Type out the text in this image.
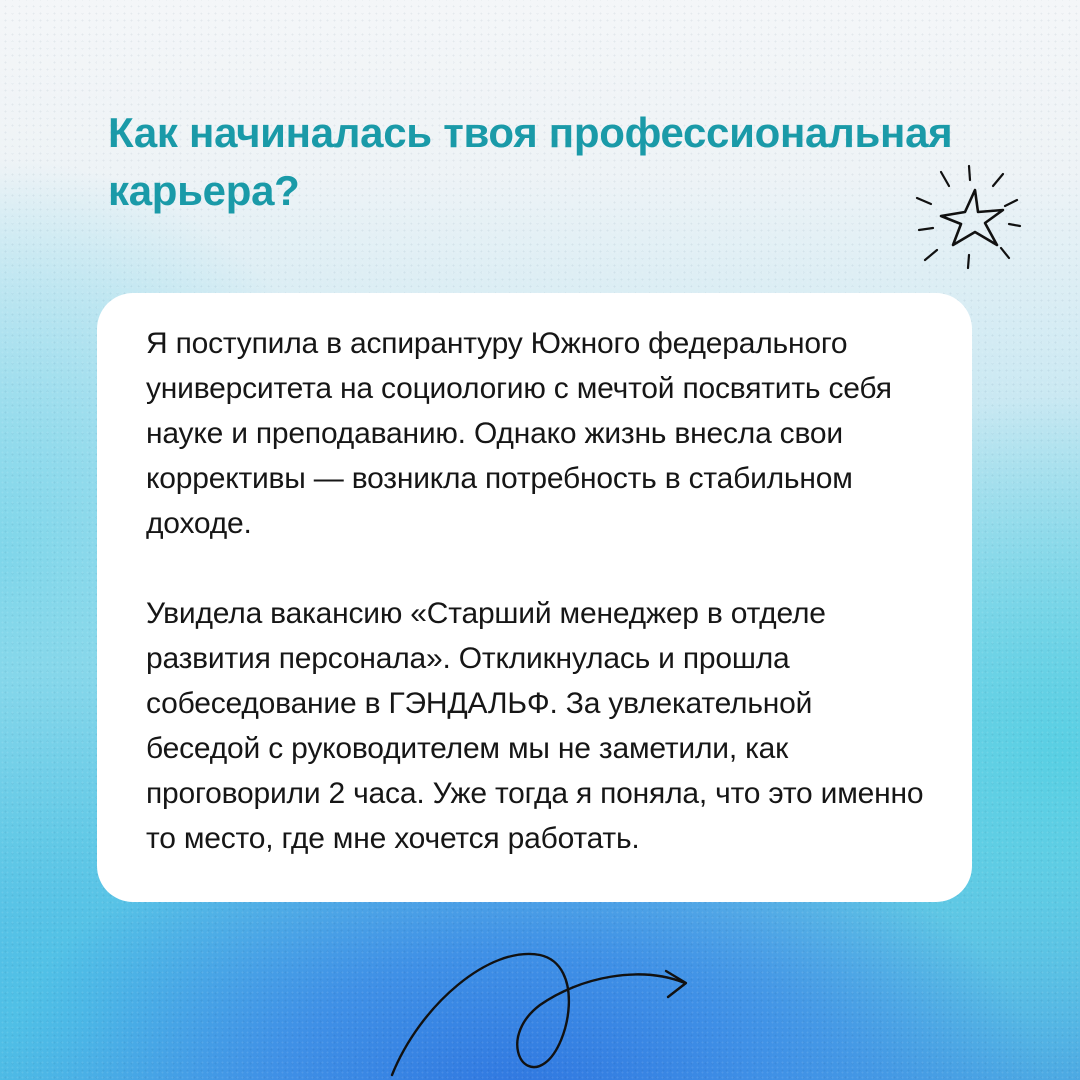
Как начиналась твоя профессиональная карьера?

Я поступила в аспирантуру Южного федерального университета на социологию с мечтой посвятить себя науке и преподаванию. Однако жизнь внесла свои коррективы — возникла потребность в стабильном доходе.

Увидела вакансию «Старший менеджер в отделе развития персонала». Откликнулась и прошла собеседование в ГЭНДАЛЬФ. За увлекательной беседой с руководителем мы не заметили, как проговорили 2 часа. Уже тогда я поняла, что это именно то место, где мне хочется работать.
